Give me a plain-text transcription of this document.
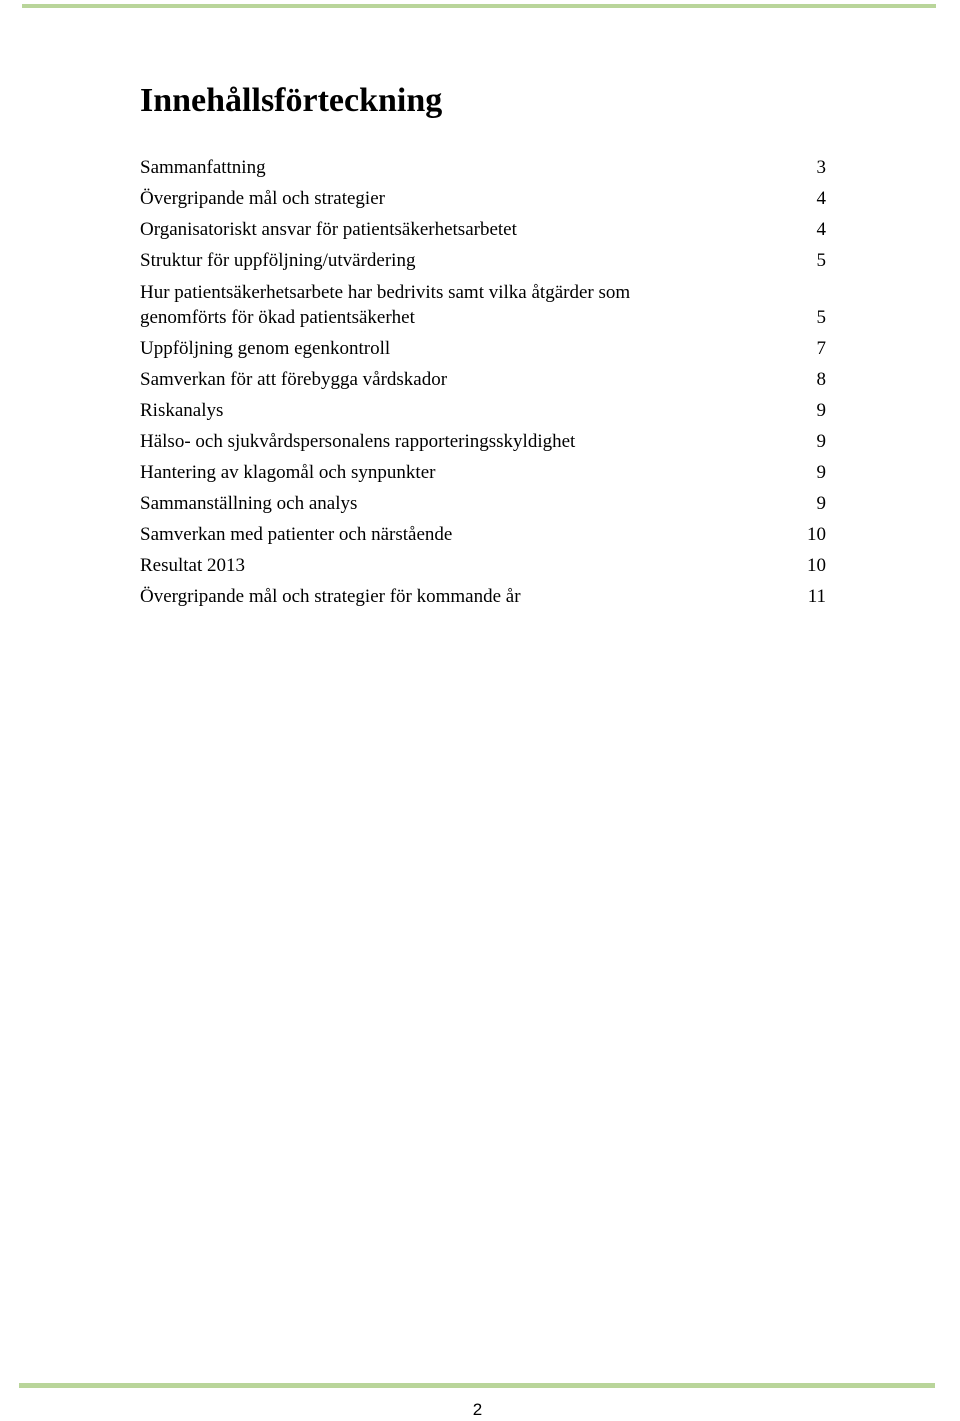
Innehållsförteckning
Sammanfattning	3
Övergripande mål och strategier	4
Organisatoriskt ansvar för patientsäkerhetsarbetet	4
Struktur för uppföljning/utvärdering	5
Hur patientsäkerhetsarbete har bedrivits samt vilka åtgärder som genomförts för ökad patientsäkerhet	5
Uppföljning genom egenkontroll	7
Samverkan för att förebygga vårdskador	8
Riskanalys	9
Hälso- och sjukvårdspersonalens rapporteringsskyldighet	9
Hantering av klagomål och synpunkter	9
Sammanställning och analys	9
Samverkan med patienter och närstående	10
Resultat 2013	10
Övergripande mål och strategier för kommande år	11
2
